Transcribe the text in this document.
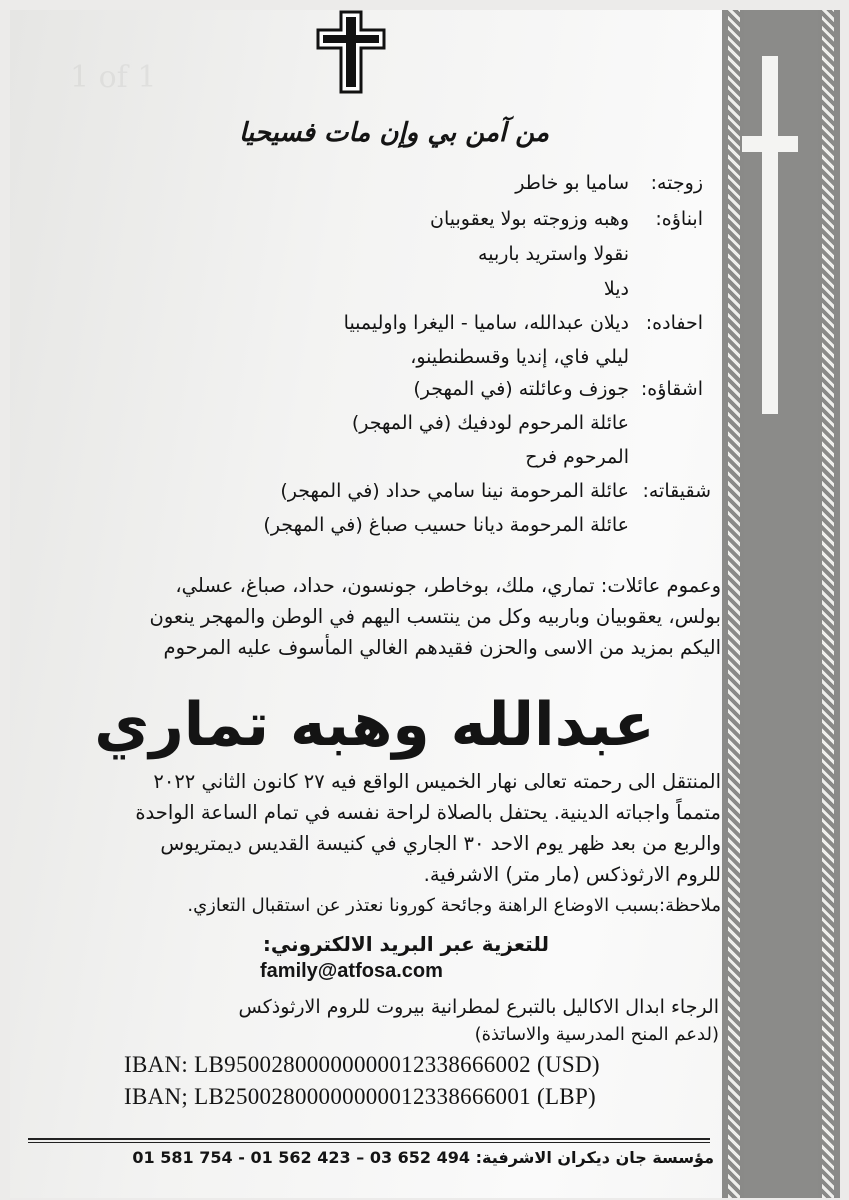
1 of 1
من آمن بي وإن مات فسيحيا
زوجته:
ساميا بو خاطر
ابناؤه:
وهبه وزوجته بولا يعقوبيان
نقولا واستريد باربيه
ديلا
احفاده:
ديلان عبدالله، ساميا - اليغرا واوليمبيا
ليلي فاي، إنديا وقسطنطينو،
اشقاؤه:
جوزف وعائلته (في المهجر)
عائلة المرحوم لودفيك (في المهجر)
المرحوم فرح
شقيقاته:
عائلة المرحومة نينا سامي حداد (في المهجر)
عائلة المرحومة ديانا حسيب صباغ (في المهجر)
وعموم عائلات: تماري، ملك، بوخاطر، جونسون، حداد، صباغ، عسلي،
بولس، يعقوبيان وباربيه وكل من ينتسب اليهم في الوطن والمهجر ينعون
اليكم بمزيد من الاسى والحزن فقيدهم الغالي المأسوف عليه المرحوم
عبدالله وهبه تماري
المنتقل الى رحمته تعالى نهار الخميس الواقع فيه ٢٧ كانون الثاني ٢٠٢٢
متمماً واجباته الدينية. يحتفل بالصلاة لراحة نفسه في تمام الساعة الواحدة
والربع من بعد ظهر يوم الاحد ٣٠ الجاري في كنيسة القديس ديمتريوس
للروم الارثوذكس (مار متر) الاشرفية.
ملاحظة:بسبب الاوضاع الراهنة وجائحة كورونا نعتذر عن استقبال التعازي.
للتعزية عبر البريد الالكتروني:
family@atfosa.com
الرجاء ابدال الاكاليل بالتبرع لمطرانية بيروت للروم الارثوذكس
(لدعم المنح المدرسية والاساتذة)
IBAN: LB95002800000000012338666002 (USD)
IBAN; LB25002800000000012338666001 (LBP)
مؤسسة جان ديكران الاشرفية: 494 652 03 – 423 562 01 - 754 581 01
